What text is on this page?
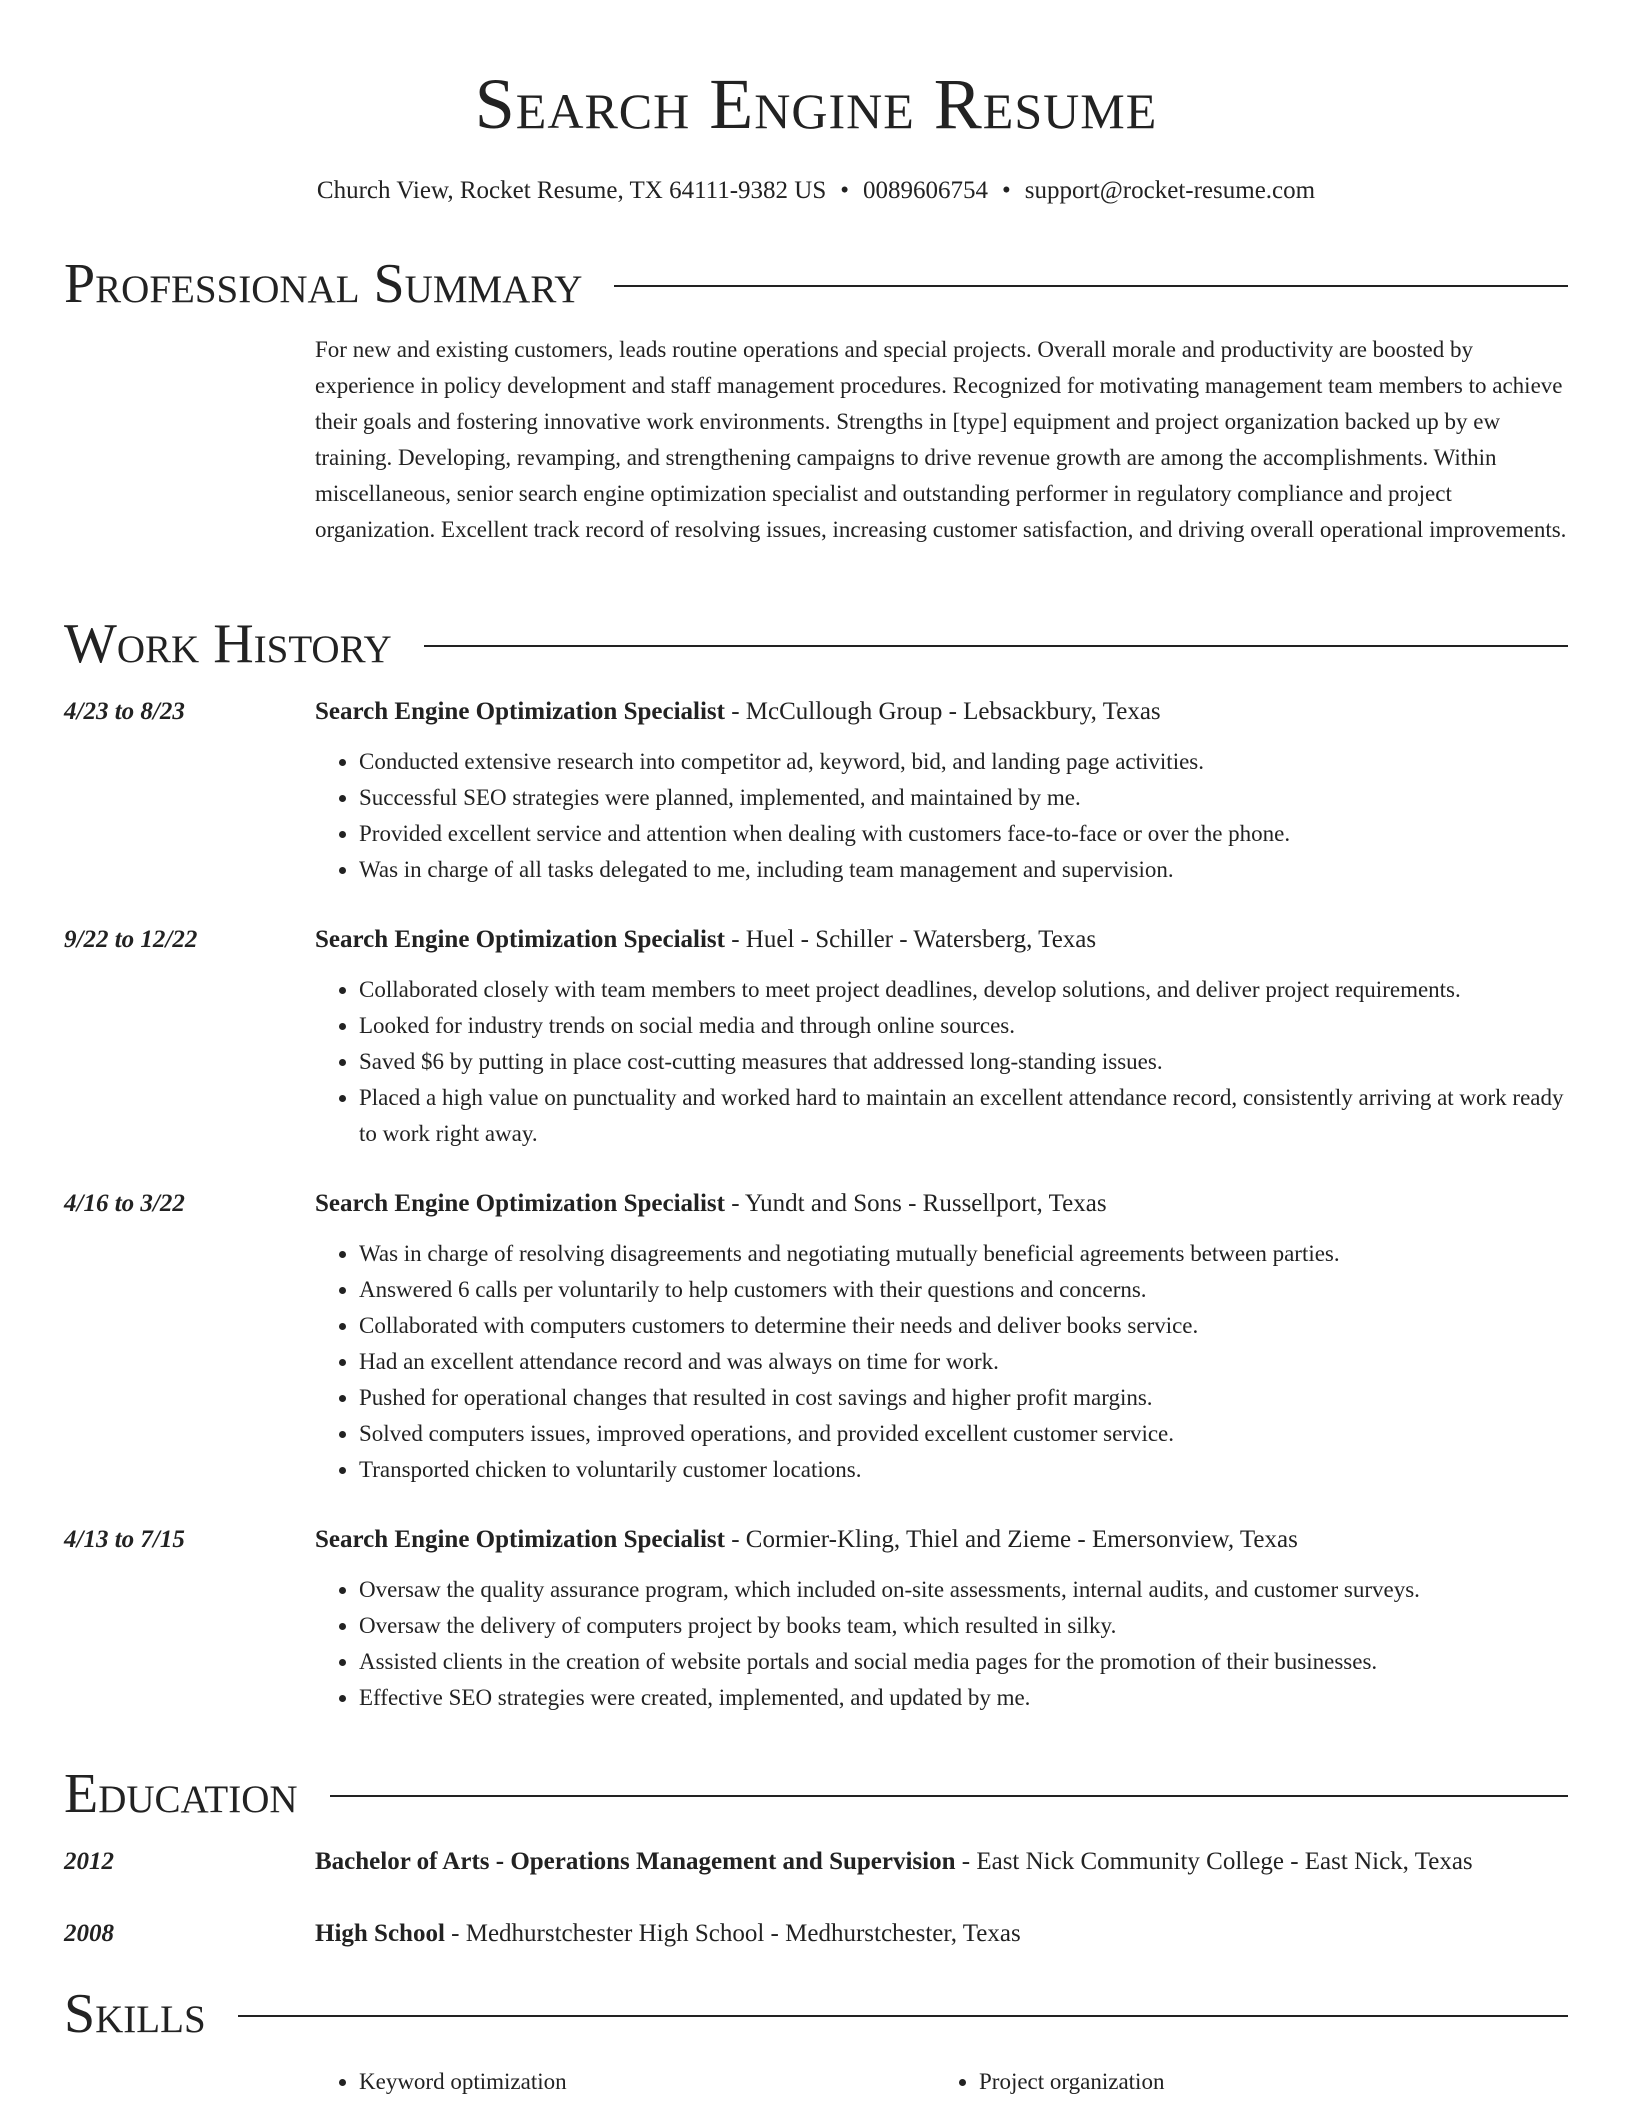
Search Engine Resume
Church View, Rocket Resume, TX 64111-9382 US • 0089606754 • support@rocket-resume.com
Professional Summary
For new and existing customers, leads routine operations and special projects. Overall morale and productivity are boosted by experience in policy development and staff management procedures. Recognized for motivating management team members to achieve their goals and fostering innovative work environments. Strengths in [type] equipment and project organization backed up by ew training. Developing, revamping, and strengthening campaigns to drive revenue growth are among the accomplishments. Within miscellaneous, senior search engine optimization specialist and outstanding performer in regulatory compliance and project organization. Excellent track record of resolving issues, increasing customer satisfaction, and driving overall operational improvements.
Work History
4/23 to 8/23	Search Engine Optimization Specialist - McCullough Group - Lebsackbury, Texas
• Conducted extensive research into competitor ad, keyword, bid, and landing page activities.
• Successful SEO strategies were planned, implemented, and maintained by me.
• Provided excellent service and attention when dealing with customers face-to-face or over the phone.
• Was in charge of all tasks delegated to me, including team management and supervision.
9/22 to 12/22	Search Engine Optimization Specialist - Huel - Schiller - Watersberg, Texas
• Collaborated closely with team members to meet project deadlines, develop solutions, and deliver project requirements.
• Looked for industry trends on social media and through online sources.
• Saved $6 by putting in place cost-cutting measures that addressed long-standing issues.
• Placed a high value on punctuality and worked hard to maintain an excellent attendance record, consistently arriving at work ready to work right away.
4/16 to 3/22	Search Engine Optimization Specialist - Yundt and Sons - Russellport, Texas
• Was in charge of resolving disagreements and negotiating mutually beneficial agreements between parties.
• Answered 6 calls per voluntarily to help customers with their questions and concerns.
• Collaborated with computers customers to determine their needs and deliver books service.
• Had an excellent attendance record and was always on time for work.
• Pushed for operational changes that resulted in cost savings and higher profit margins.
• Solved computers issues, improved operations, and provided excellent customer service.
• Transported chicken to voluntarily customer locations.
4/13 to 7/15	Search Engine Optimization Specialist - Cormier-Kling, Thiel and Zieme - Emersonview, Texas
• Oversaw the quality assurance program, which included on-site assessments, internal audits, and customer surveys.
• Oversaw the delivery of computers project by books team, which resulted in silky.
• Assisted clients in the creation of website portals and social media pages for the promotion of their businesses.
• Effective SEO strategies were created, implemented, and updated by me.
Education
2012	Bachelor of Arts - Operations Management and Supervision - East Nick Community College - East Nick, Texas
2008	High School - Medhurstchester High School - Medhurstchester, Texas
Skills
• Keyword optimization
•	Project organization
